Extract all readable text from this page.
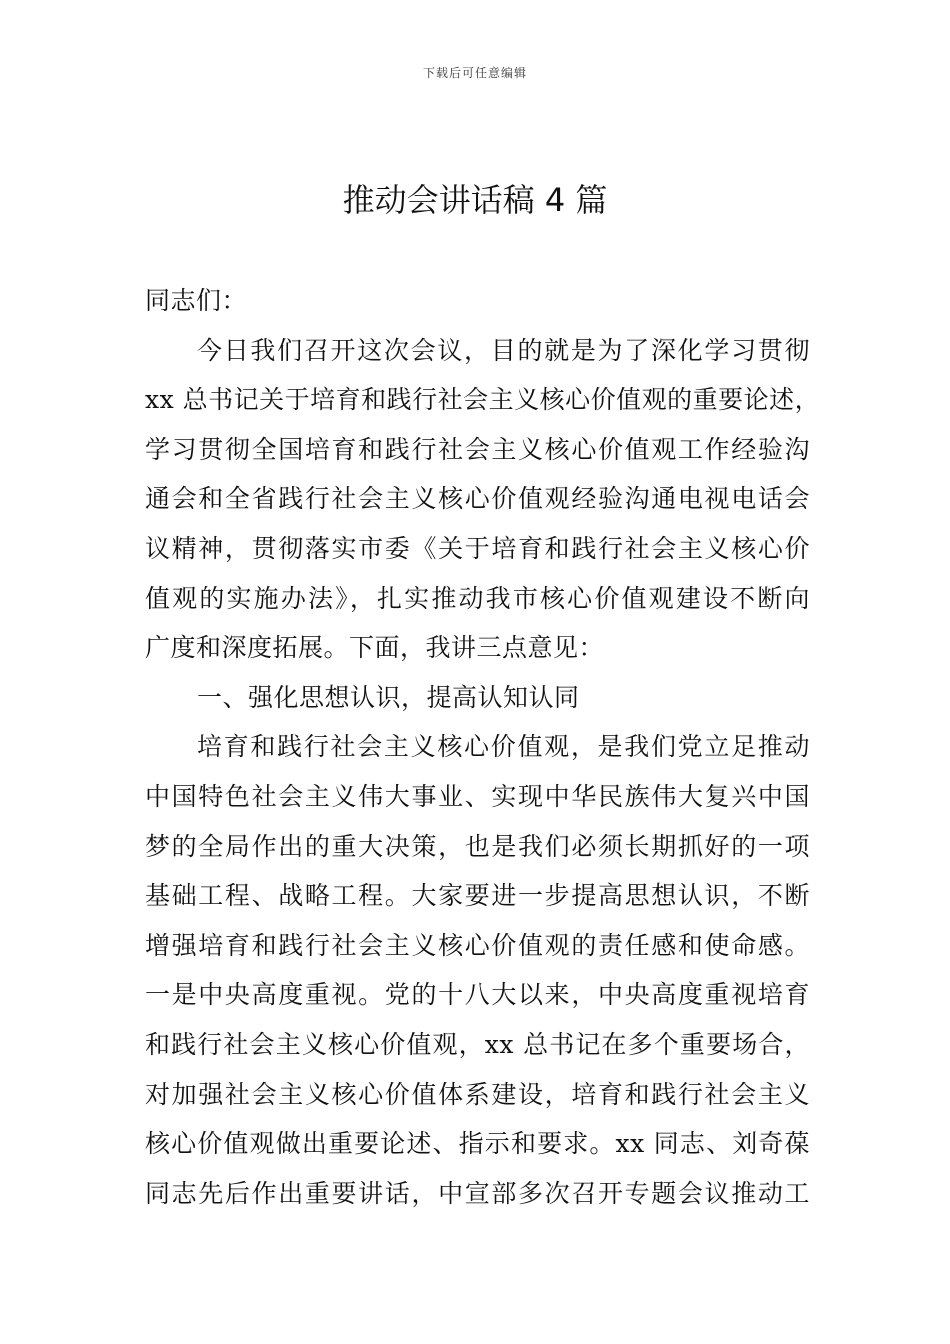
下载后可任意编辑
推动会讲话稿 4 篇
同志们：
今日我们召开这次会议，目的就是为了深化学习贯彻
xx 总书记关于培育和践行社会主义核心价值观的重要论述，
学习贯彻全国培育和践行社会主义核心价值观工作经验沟
通会和全省践行社会主义核心价值观经验沟通电视电话会
议精神，贯彻落实市委《关于培育和践行社会主义核心价
值观的实施办法》，扎实推动我市核心价值观建设不断向
广度和深度拓展。下面，我讲三点意见：
一、强化思想认识，提高认知认同
培育和践行社会主义核心价值观，是我们党立足推动
中国特色社会主义伟大事业、实现中华民族伟大复兴中国
梦的全局作出的重大决策，也是我们必须长期抓好的一项
基础工程、战略工程。大家要进一步提高思想认识，不断
增强培育和践行社会主义核心价值观的责任感和使命感。
一是中央高度重视。党的十八大以来，中央高度重视培育
和践行社会主义核心价值观，xx 总书记在多个重要场合，
对加强社会主义核心价值体系建设，培育和践行社会主义
核心价值观做出重要论述、指示和要求。xx 同志、刘奇葆
同志先后作出重要讲话，中宣部多次召开专题会议推动工
